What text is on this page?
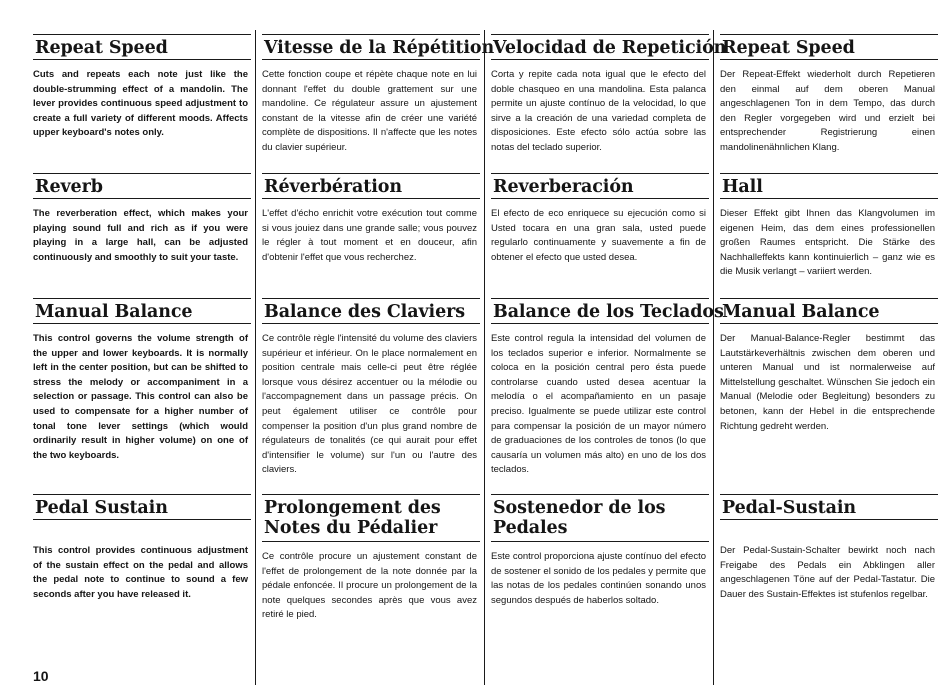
Repeat Speed
Cuts and repeats each note just like the double-strumming effect of a mandolin. The lever provides continuous speed adjustment to create a full variety of different moods. Affects upper keyboard's notes only.
Reverb
The reverberation effect, which makes your playing sound full and rich as if you were playing in a large hall, can be adjusted continuously and smoothly to suit your taste.
Manual Balance
This control governs the volume strength of the upper and lower keyboards. It is normally left in the center position, but can be shifted to stress the melody or accompaniment in a selection or passage. This control can also be used to compensate for a higher number of tonal tone lever settings (which would ordinarily result in higher volume) on one of the two keyboards.
Pedal Sustain
This control provides continuous adjustment of the sustain effect on the pedal and allows the pedal note to continue to sound a few seconds after you have released it.
Vitesse de la Répétition
Cette fonction coupe et répète chaque note en lui donnant l'effet du double grattement sur une mandoline. Ce régulateur assure un ajustement constant de la vitesse afin de créer une variété complète de dispositions. Il n'affecte que les notes du clavier supérieur.
Réverbération
L'effet d'écho enrichit votre exécution tout comme si vous jouiez dans une grande salle; vous pouvez le régler à tout moment et en douceur, afin d'obtenir l'effet que vous recherchez.
Balance des Claviers
Ce contrôle règle l'intensité du volume des claviers supérieur et inférieur. On le place normalement en position centrale mais celle-ci peut être réglée lorsque vous désirez accentuer ou la mélodie ou l'accompagnement dans un passage précis. On peut également utiliser ce contrôle pour compenser la position d'un plus grand nombre de régulateurs de tonalités (ce qui aurait pour effet d'intensifier le volume) sur l'un ou l'autre des claviers.
Prolongement des Notes du Pédalier
Ce contrôle procure un ajustement constant de l'effet de prolongement de la note donnée par la pédale enfoncée. Il procure un prolongement de la note quelques secondes après que vous avez retiré le pied.
Velocidad de Repetición
Corta y repite cada nota igual que le efecto del doble chasqueo en una mandolina. Esta palanca permite un ajuste contínuo de la velocidad, lo que sirve a la creación de una variedad completa de disposiciones. Este efecto sólo actúa sobre las notas del teclado superior.
Reverberación
El efecto de eco enriquece su ejecución como si Usted tocara en una gran sala, usted puede regularlo continuamente y suavemente a fin de obtener el efecto que usted desea.
Balance de los Teclados
Este control regula la intensidad del volumen de los teclados superior e inferior. Normalmente se coloca en la posición central pero ésta puede controlarse cuando usted desea acentuar la melodía o el acompañamiento en un pasaje preciso. Igualmente se puede utilizar este control para compensar la posición de un mayor número de graduaciones de los controles de tonos (lo que causaría un volumen más alto) en uno de los dos teclados.
Sostenedor de los Pedales
Este control proporciona ajuste contínuo del efecto de sostener el sonido de los pedales y permite que las notas de los pedales continúen sonando unos segundos después de haberlos soltado.
Repeat Speed
Der Repeat-Effekt wiederholt durch Repetieren den einmal auf dem oberen Manual angeschlagenen Ton in dem Tempo, das durch den Regler vorgegeben wird und erzielt bei entsprechender Registrierung einen mandolinenähnlichen Klang.
Hall
Dieser Effekt gibt Ihnen das Klangvolumen im eigenen Heim, das dem eines professionellen großen Raumes entspricht. Die Stärke des Nachhalleffekts kann kontinuierlich – ganz wie es die Musik verlangt – variiert werden.
Manual Balance
Der Manual-Balance-Regler bestimmt das Lautstärkeverhältnis zwischen dem oberen und unteren Manual und ist normalerweise auf Mittelstellung geschaltet. Wünschen Sie jedoch ein Manual (Melodie oder Begleitung) besonders zu betonen, kann der Hebel in die entsprechende Richtung gedreht werden.
Pedal-Sustain
Der Pedal-Sustain-Schalter bewirkt noch nach Freigabe des Pedals ein Abklingen aller angeschlagenen Töne auf der Pedal-Tastatur. Die Dauer des Sustain-Effektes ist stufenlos regelbar.
10
